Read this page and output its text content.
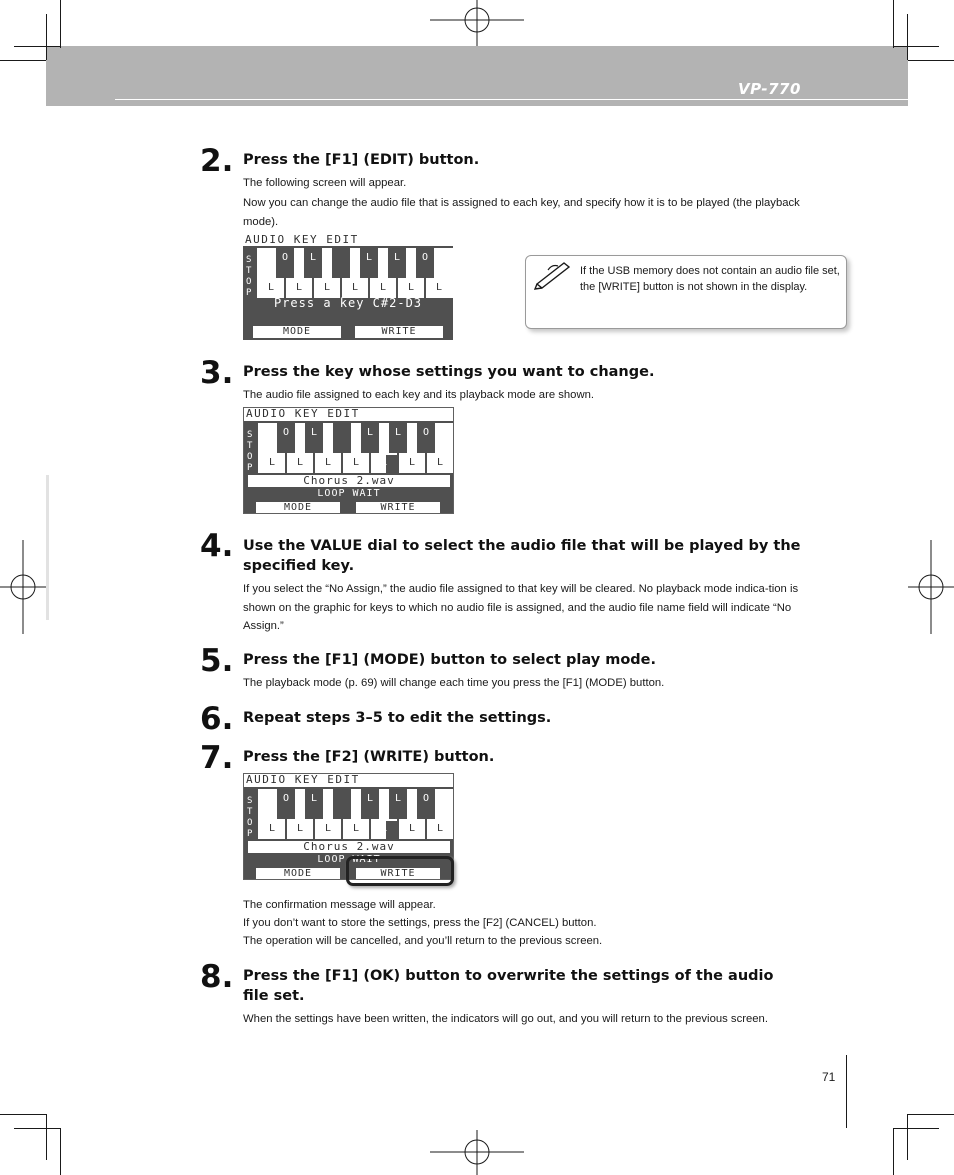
VP-770
2. Press the [F1] (EDIT) button.
The following screen will appear.
Now you can change the audio file that is assigned to each key, and specify how it is to be played (the playback mode).
AUDIO KEY EDIT
S
T
O
P
O L	L L O
L L L L L L L
Press a key C#2-D3
MODE	WRITE
If the USB memory does not contain an audio file set, the [WRITE] button is not shown in the display.
3. Press the key whose settings you want to change.
The audio file assigned to each key and its playback mode are shown.
AUDIO KEY EDIT
S
T
O
P
O L	L L O
L L L L L L L
Chorus 2.wav
LOOP WAIT
MODE	WRITE
4. Use the VALUE dial to select the audio file that will be played by the specified key.
If you select the “No Assign,” the audio file assigned to that key will be cleared. No playback mode indica-tion is shown on the graphic for keys to which no audio file is assigned, and the audio file name field will indicate “No Assign.”
5. Press the [F1] (MODE) button to select play mode.
The playback mode (p. 69) will change each time you press the [F1] (MODE) button.
6. Repeat steps 3–5 to edit the settings.
7. Press the [F2] (WRITE) button.
AUDIO KEY EDIT
S
T
O
P
O L	L L O
L L L L L L L
Chorus 2.wav
LOOP WAIT
MODE	WRITE
The confirmation message will appear.
If you don’t want to store the settings, press the [F2] (CANCEL) button.
The operation will be cancelled, and you’ll return to the previous screen.
8. Press the [F1] (OK) button to overwrite the settings of the audio file set.
When the settings have been written, the indicators will go out, and you will return to the previous screen.
71
